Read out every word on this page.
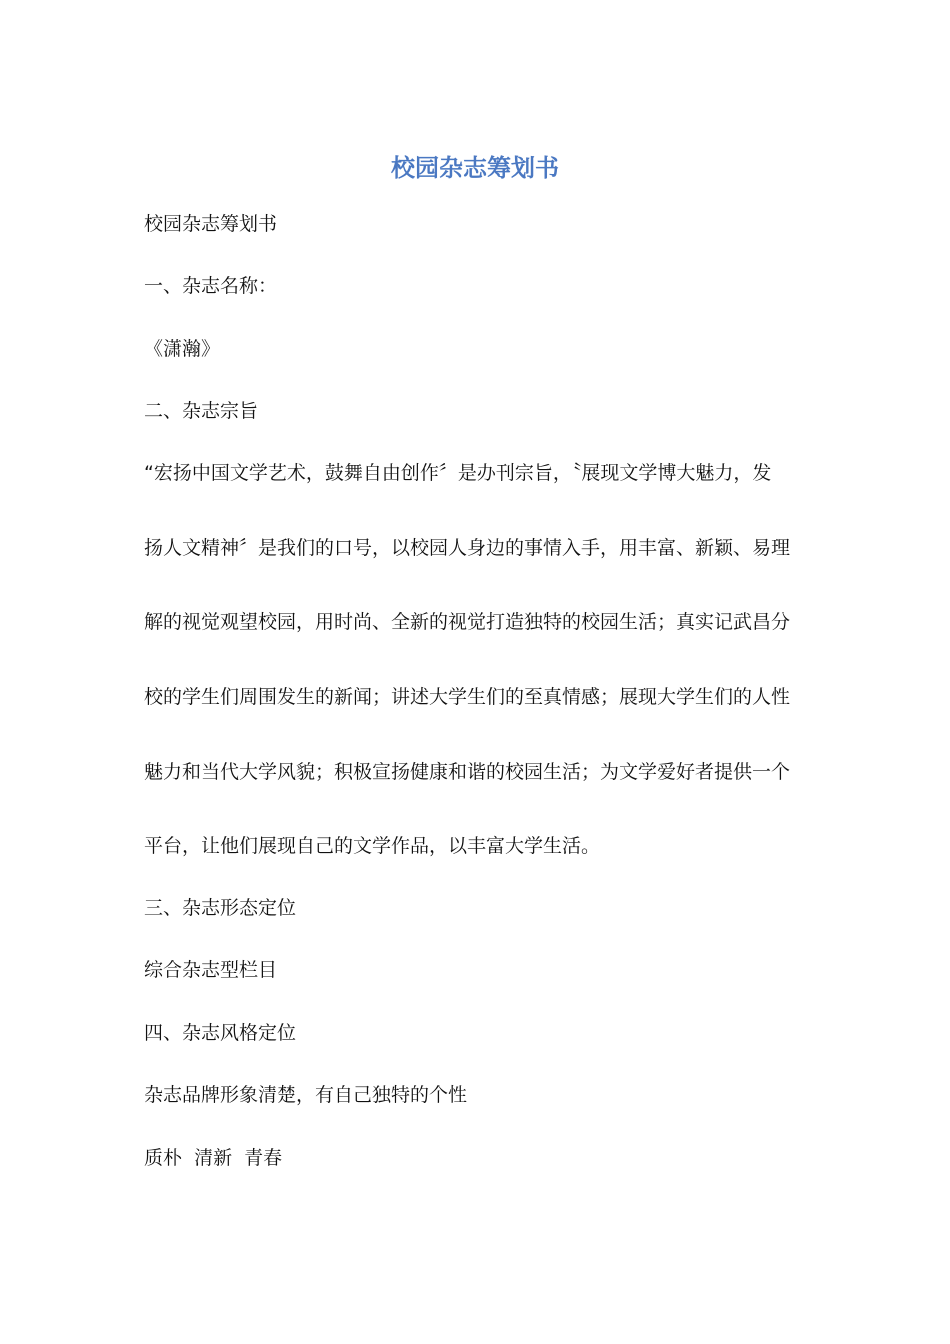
校园杂志筹划书
校园杂志筹划书
一、杂志名称：
《潇瀚》
二、杂志宗旨
“宏扬中国文学艺术，鼓舞自由创作〞是办刊宗旨，〝展现文学博大魅力，发
扬人文精神〞是我们的口号，以校园人身边的事情入手，用丰富、新颖、易理
解的视觉观望校园，用时尚、全新的视觉打造独特的校园生活；真实记武昌分
校的学生们周围发生的新闻；讲述大学生们的至真情感；展现大学生们的人性
魅力和当代大学风貌；积极宣扬健康和谐的校园生活；为文学爱好者提供一个
平台，让他们展现自己的文学作品，以丰富大学生活。
三、杂志形态定位
综合杂志型栏目
四、杂志风格定位
杂志品牌形象清楚，有自己独特的个性
质朴  清新  青春
